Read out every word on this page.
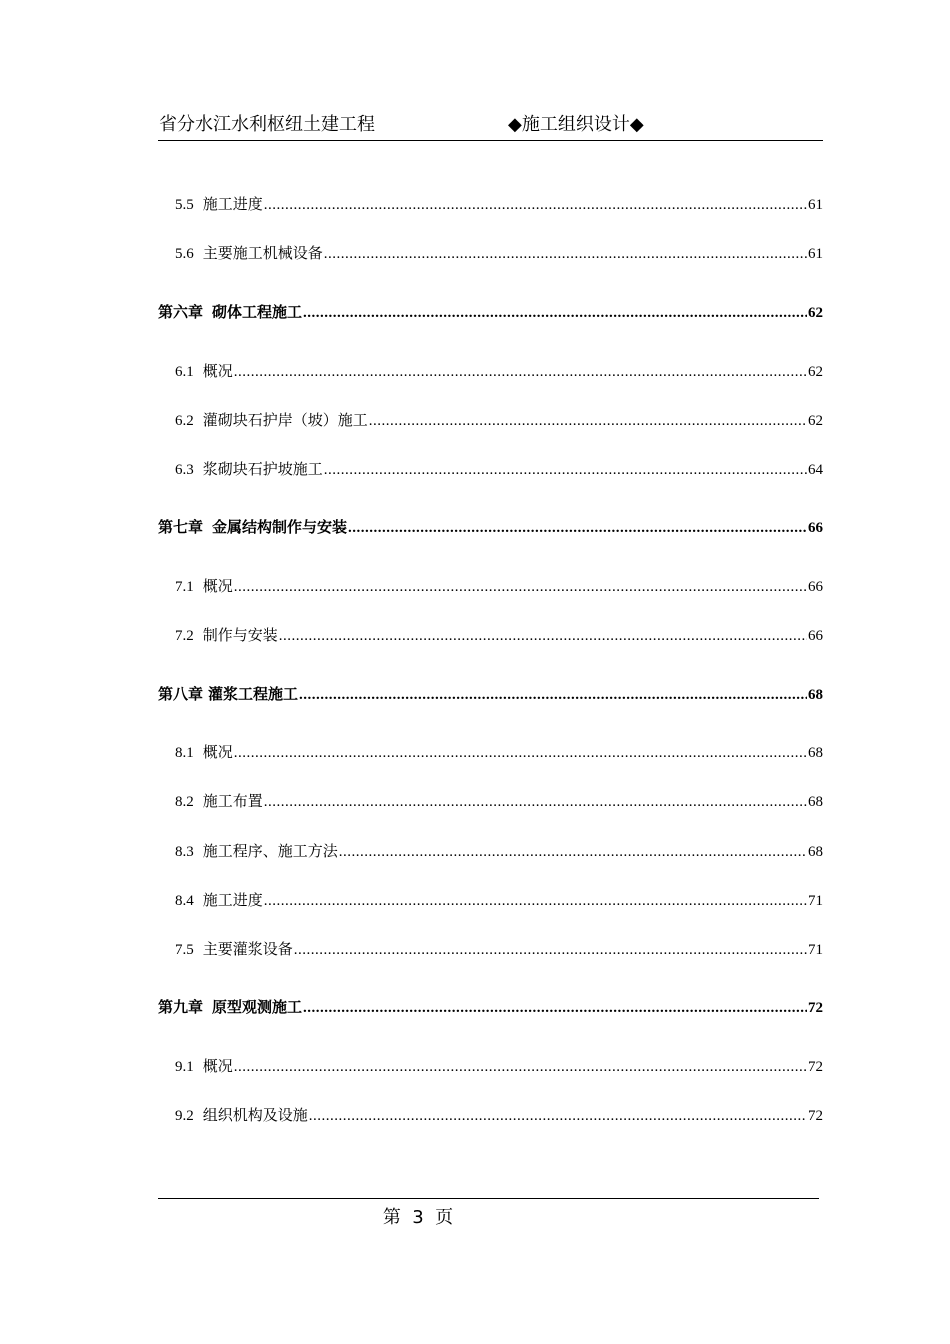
省分水江水利枢纽土建工程	◆施工组织设计◆
5.5 施工进度 .....	61
5.6 主要施工机械设备 .....	61
第六章 砌体工程施工 .....	62
6.1 概况 .....	62
6.2 灌砌块石护岸（坡）施工 .....	62
6.3 浆砌块石护坡施工 .....	64
第七章 金属结构制作与安装 .....	66
7.1 概况 .....	66
7.2 制作与安装 .....	66
第八章 灌浆工程施工 .....	68
8.1 概况 .....	68
8.2 施工布置 .....	68
8.3 施工程序、施工方法 .....	68
8.4 施工进度 .....	71
7.5 主要灌浆设备 .....	71
第九章 原型观测施工 .....	72
9.1 概况 .....	72
9.2 组织机构及设施 .....	72
第  3  页
